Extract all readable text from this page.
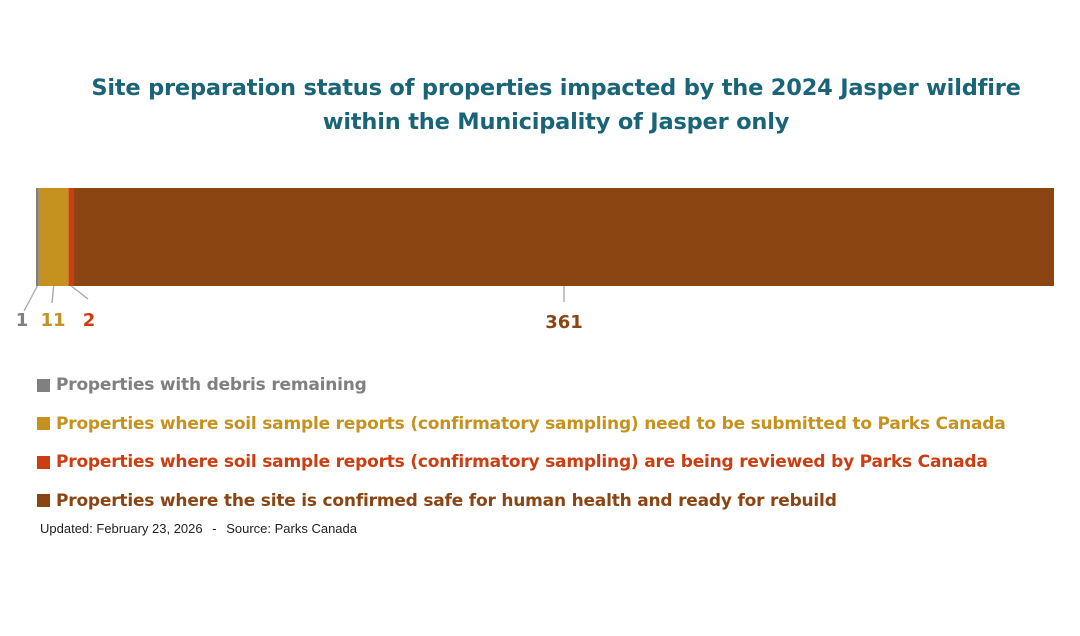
Site preparation status of properties impacted by the 2024 Jasper wildfire
within the Municipality of Jasper only
1 11 2	361
Properties with debris remaining
Properties where soil sample reports (confirmatory sampling) need to be submitted to Parks Canada
Properties where soil sample reports (confirmatory sampling) are being reviewed by Parks Canada
Properties where the site is confirmed safe for human health and ready for rebuild
Updated: February 23, 2026 - Source: Parks Canada
